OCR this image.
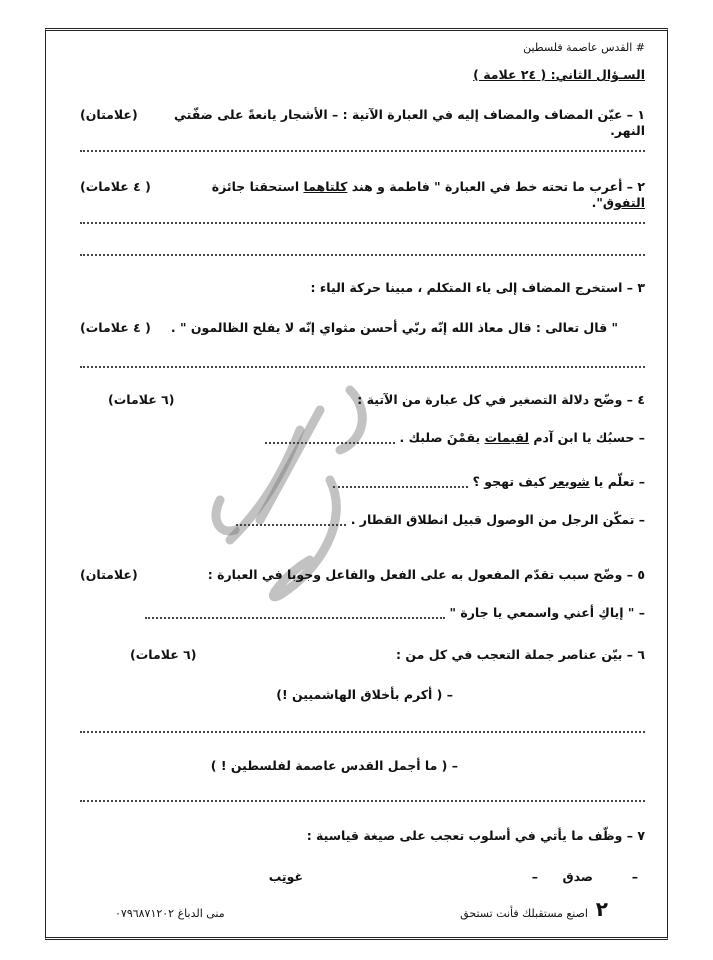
# القدس عاصمة فلسطين
السـؤال الثاني: ( ٢٤ علامة )
١ – عيّن المضاف والمضاف إليه في العبارة الآتية : – الأشجار يانعةً على ضفّتي النهر.
(علامتان)
٢ – أعرب ما تحته خط في العبارة " فاطمة و هند كلتاهما استحقتا جائزة التفوق".
( ٤ علامات)
٣ – استخرج المضاف إلى ياء المتكلم ، مبينا حركة الياء :
" قال تعالى : قال معاذ الله إنّه ربّي أحسن مثواي إنّه لا يفلح الظالمون " .
( ٤ علامات)
٤ – وضّح دلالة التصغير في كل عبارة من الآتية :
(٦ علامات)
– حسبُك يا ابن آدم لقيمات يقمْنَ صلبك .
– تعلّم يا شويعر كيف تهجو ؟
– تمكّن الرجل من الوصول قبيل انطلاق القطار .
٥ – وضّح سبب تقدّم المفعول به على الفعل والفاعل وجوبا في العبارة :
(علامتان)
– " إياكِ أعني واسمعي يا جارة "
٦ – بيّن عناصر جملة التعجب في كل من :
(٦ علامات)
– ( أكرم بأخلاق الهاشميين !)
– ( ما أجمل القدس عاصمة لفلسطين ! )
٧ – وظّف ما يأتي في أسلوب تعجب على صيغة قياسية :
–
صدق
–
غوتِب
٢
اصنع مستقبلك فأنت تستحق
منى الدباغ ٠٧٩٦٨٧١٢٠٢
